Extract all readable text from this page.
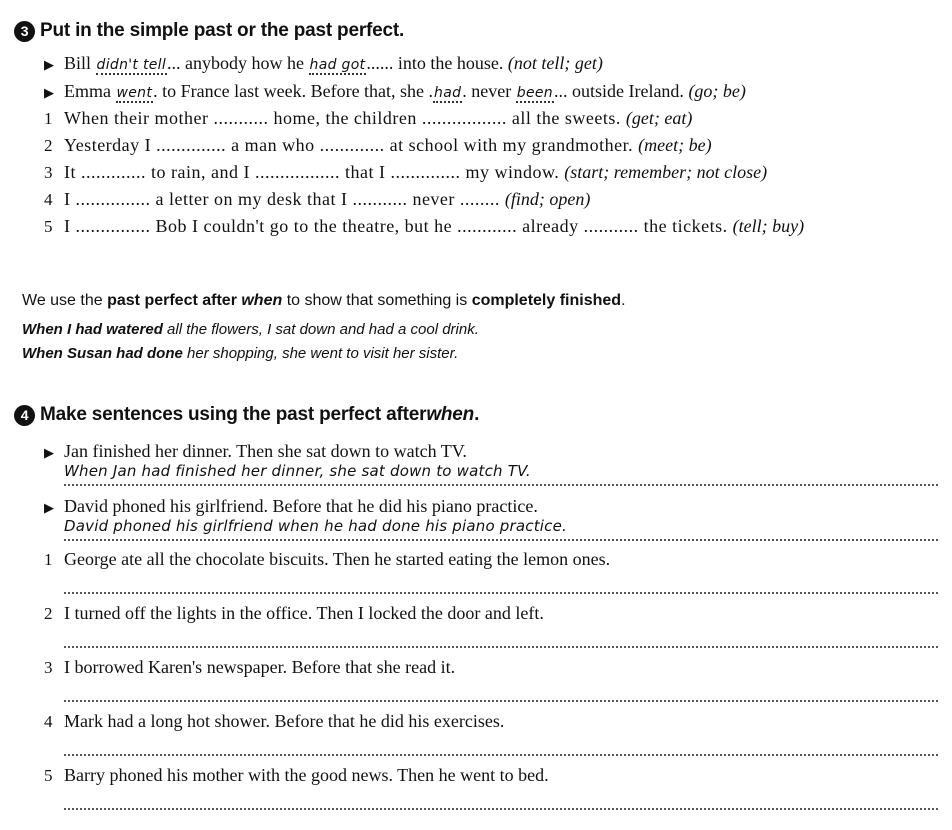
3 Put in the simple past or the past perfect.
▶ Bill didn't tell... anybody how he had got...... into the house. (not tell; get)
▶ Emma went. to France last week. Before that, she .had. never been... outside Ireland. (go; be)
1 When their mother ........... home, the children ................. all the sweets. (get; eat)
2 Yesterday I .............. a man who ............. at school with my grandmother. (meet; be)
3 It ............. to rain, and I ................. that I .............. my window. (start; remember; not close)
4 I ............... a letter on my desk that I ........... never ........ (find; open)
5 I ............... Bob I couldn't go to the theatre, but he ............ already ........... the tickets. (tell; buy)
We use the past perfect after when to show that something is completely finished.
When I had watered all the flowers, I sat down and had a cool drink.
When Susan had done her shopping, she went to visit her sister.
4 Make sentences using the past perfect after when .
▶ Jan finished her dinner. Then she sat down to watch TV.
When Jan had finished her dinner, she sat down to watch TV.
▶ David phoned his girlfriend. Before that he did his piano practice.
David phoned his girlfriend when he had done his piano practice.
1 George ate all the chocolate biscuits. Then he started eating the lemon ones.
2 I turned off the lights in the office. Then I locked the door and left.
3 I borrowed Karen's newspaper. Before that she read it.
4 Mark had a long hot shower. Before that he did his exercises.
5 Barry phoned his mother with the good news. Then he went to bed.
